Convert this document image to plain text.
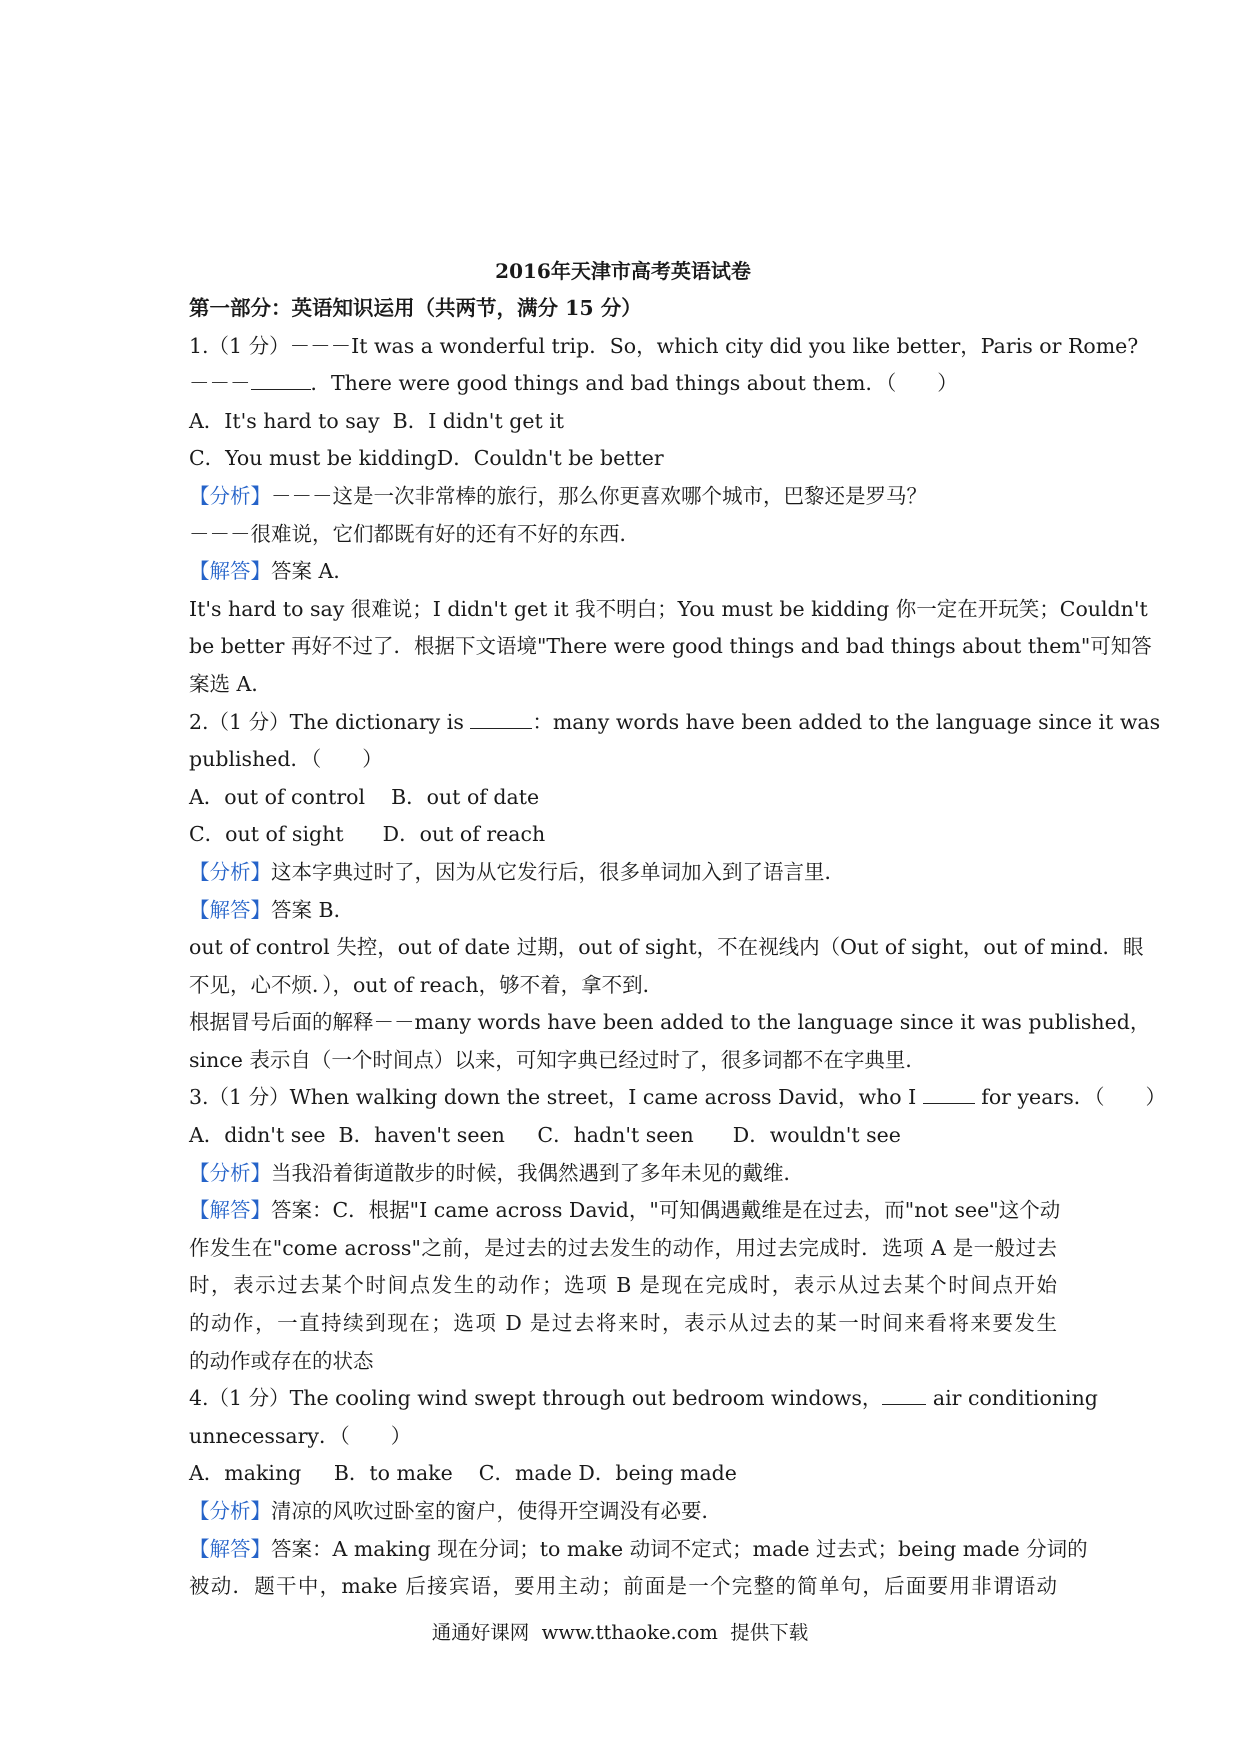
2016年天津市高考英语试卷
第一部分：英语知识运用（共两节，满分 15 分）
1.（1 分）－－－It was a wonderful trip．So，which city did you like better，Paris or Rome?
－－－	．There were good things and bad things about them．（　　）
A．It's hard to say  B．I didn't get it
C．You must be kiddingD．Couldn't be better
【分析】－－－这是一次非常棒的旅行，那么你更喜欢哪个城市，巴黎还是罗马？
－－－很难说，它们都既有好的还有不好的东西．
【解答】答案 A．
It's hard to say 很难说；I didn't get it 我不明白；You must be kidding 你一定在开玩笑；Couldn't
be better 再好不过了．根据下文语境"There were good things and bad things about them"可知答
案选 A．
2.（1 分）The dictionary is	：many words have been added to the language since it was
published．（　　）
A．out of control    B．out of date
C．out of sight      D．out of reach
【分析】这本字典过时了，因为从它发行后，很多单词加入到了语言里．
【解答】答案 B．
out of control 失控，out of date 过期，out of sight，不在视线内（Out of sight，out of mind．眼
不见，心不烦．），out of reach，够不着，拿不到．
根据冒号后面的解释－－many words have been added to the language since it was published，
since 表示自（一个时间点）以来，可知字典已经过时了，很多词都不在字典里．
3.（1 分）When walking down the street，I came across David，who I	for years．（　　）
A．didn't see  B．haven't seen     C．hadn't seen      D．wouldn't see
【分析】当我沿着街道散步的时候，我偶然遇到了多年未见的戴维．
【解答】答案：C．根据"I came across David，"可知偶遇戴维是在过去，而"not see"这个动
作发生在"come across"之前，是过去的过去发生的动作，用过去完成时．选项 A 是一般过去
时，表示过去某个时间点发生的动作；选项 B 是现在完成时，表示从过去某个时间点开始
的动作，一直持续到现在；选项 D 是过去将来时，表示从过去的某一时间来看将来要发生
的动作或存在的状态
4.（1 分）The cooling wind swept through out bedroom windows， air conditioning
unnecessary．（　　）
A．making     B．to make    C．made D．being made
【分析】清凉的风吹过卧室的窗户，使得开空调没有必要．
【解答】答案：A making 现在分词；to make 动词不定式；made 过去式；being made 分词的
被动．题干中，make 后接宾语，要用主动；前面是一个完整的简单句，后面要用非谓语动
通通好课网  www.tthaoke.com  提供下载
